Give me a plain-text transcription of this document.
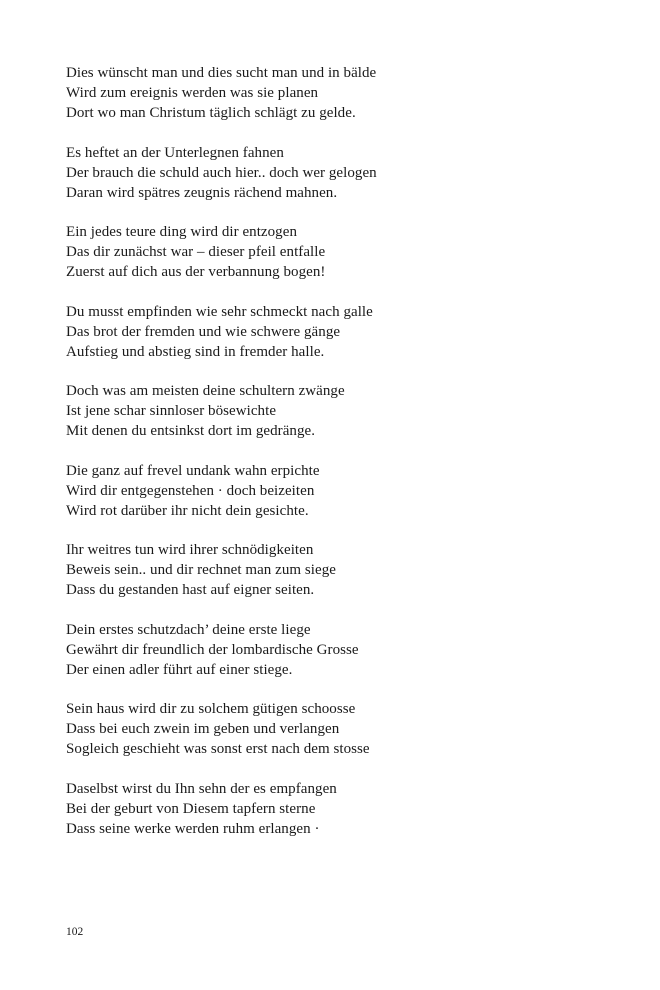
Dies wünscht man und dies sucht man und in bälde
Wird zum ereignis werden was sie planen
Dort wo man Christum täglich schlägt zu gelde.
Es heftet an der Unterlegnen fahnen
Der brauch die schuld auch hier.. doch wer gelogen
Daran wird spätres zeugnis rächend mahnen.
Ein jedes teure ding wird dir entzogen
Das dir zunächst war – dieser pfeil entfalle
Zuerst auf dich aus der verbannung bogen!
Du musst empfinden wie sehr schmeckt nach galle
Das brot der fremden und wie schwere gänge
Aufstieg und abstieg sind in fremder halle.
Doch was am meisten deine schultern zwänge
Ist jene schar sinnloser bösewichte
Mit denen du entsinkst dort im gedränge.
Die ganz auf frevel undank wahn erpichte
Wird dir entgegenstehen · doch beizeiten
Wird rot darüber ihr nicht dein gesichte.
Ihr weitres tun wird ihrer schnödigkeiten
Beweis sein.. und dir rechnet man zum siege
Dass du gestanden hast auf eigner seiten.
Dein erstes schutzdach’ deine erste liege
Gewährt dir freundlich der lombardische Grosse
Der einen adler führt auf einer stiege.
Sein haus wird dir zu solchem gütigen schoosse
Dass bei euch zwein im geben und verlangen
Sogleich geschieht was sonst erst nach dem stosse
Daselbst wirst du Ihn sehn der es empfangen
Bei der geburt von Diesem tapfern sterne
Dass seine werke werden ruhm erlangen ·
102
